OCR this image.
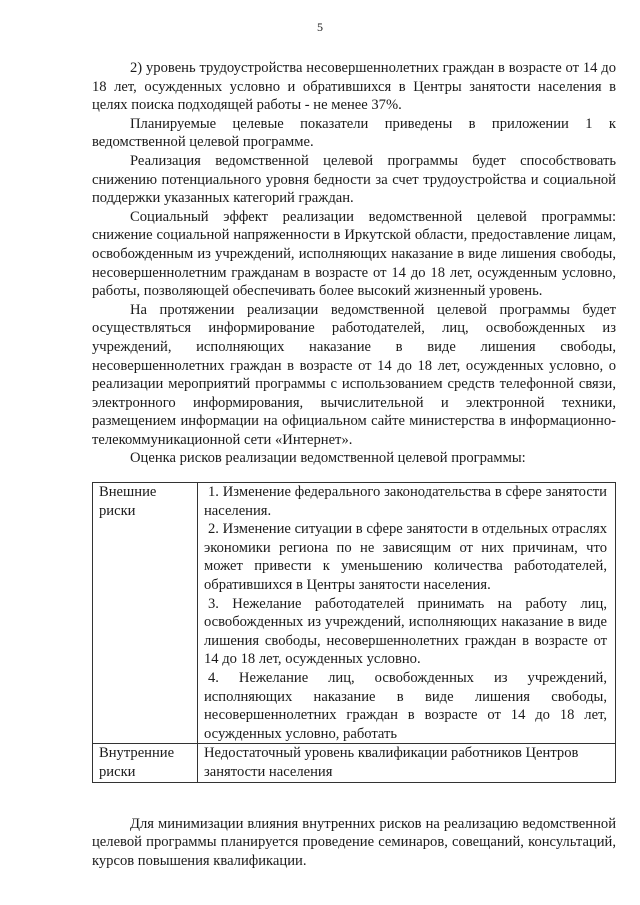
5

2) уровень трудоустройства несовершеннолетних граждан в возрасте от 14 до 18 лет, осужденных условно и обратившихся в Центры занятости населения в целях поиска подходящей работы - не менее 37%.

Планируемые целевые показатели приведены в приложении 1 к ведомственной целевой программе.

Реализация ведомственной целевой программы будет способствовать снижению потенциального уровня бедности за счет трудоустройства и социальной поддержки указанных категорий граждан.

Социальный эффект реализации ведомственной целевой программы: снижение социальной напряженности в Иркутской области, предоставление лицам, освобожденным из учреждений, исполняющих наказание в виде лишения свободы, несовершеннолетним гражданам в возрасте от 14 до 18 лет, осужденным условно, работы, позволяющей обеспечивать более высокий жизненный уровень.

На протяжении реализации ведомственной целевой программы будет осуществляться информирование работодателей, лиц, освобожденных из учреждений, исполняющих наказание в виде лишения свободы, несовершеннолетних граждан в возрасте от 14 до 18 лет, осужденных условно, о реализации мероприятий программы с использованием средств телефонной связи, электронного информирования, вычислительной и электронной техники, размещением информации на официальном сайте министерства в информационно-телекоммуникационной сети «Интернет».

Оценка рисков реализации ведомственной целевой программы:

Внешние риски	1. Изменение федерального законодательства в сфере занятости населения.
2. Изменение ситуации в сфере занятости в отдельных отраслях экономики региона по не зависящим от них причинам, что может привести к уменьшению количества работодателей, обратившихся в Центры занятости населения.
3. Нежелание работодателей принимать на работу лиц, освобожденных из учреждений, исполняющих наказание в виде лишения свободы, несовершеннолетних граждан в возрасте от 14 до 18 лет, осужденных условно.
4. Нежелание лиц, освобожденных из учреждений, исполняющих наказание в виде лишения свободы, несовершеннолетних граждан в возрасте от 14 до 18 лет, осужденных условно, работать

Внутренние риски	Недостаточный уровень квалификации работников Центров занятости населения

Для минимизации влияния внутренних рисков на реализацию ведомственной целевой программы планируется проведение семинаров, совещаний, консультаций, курсов повышения квалификации.
